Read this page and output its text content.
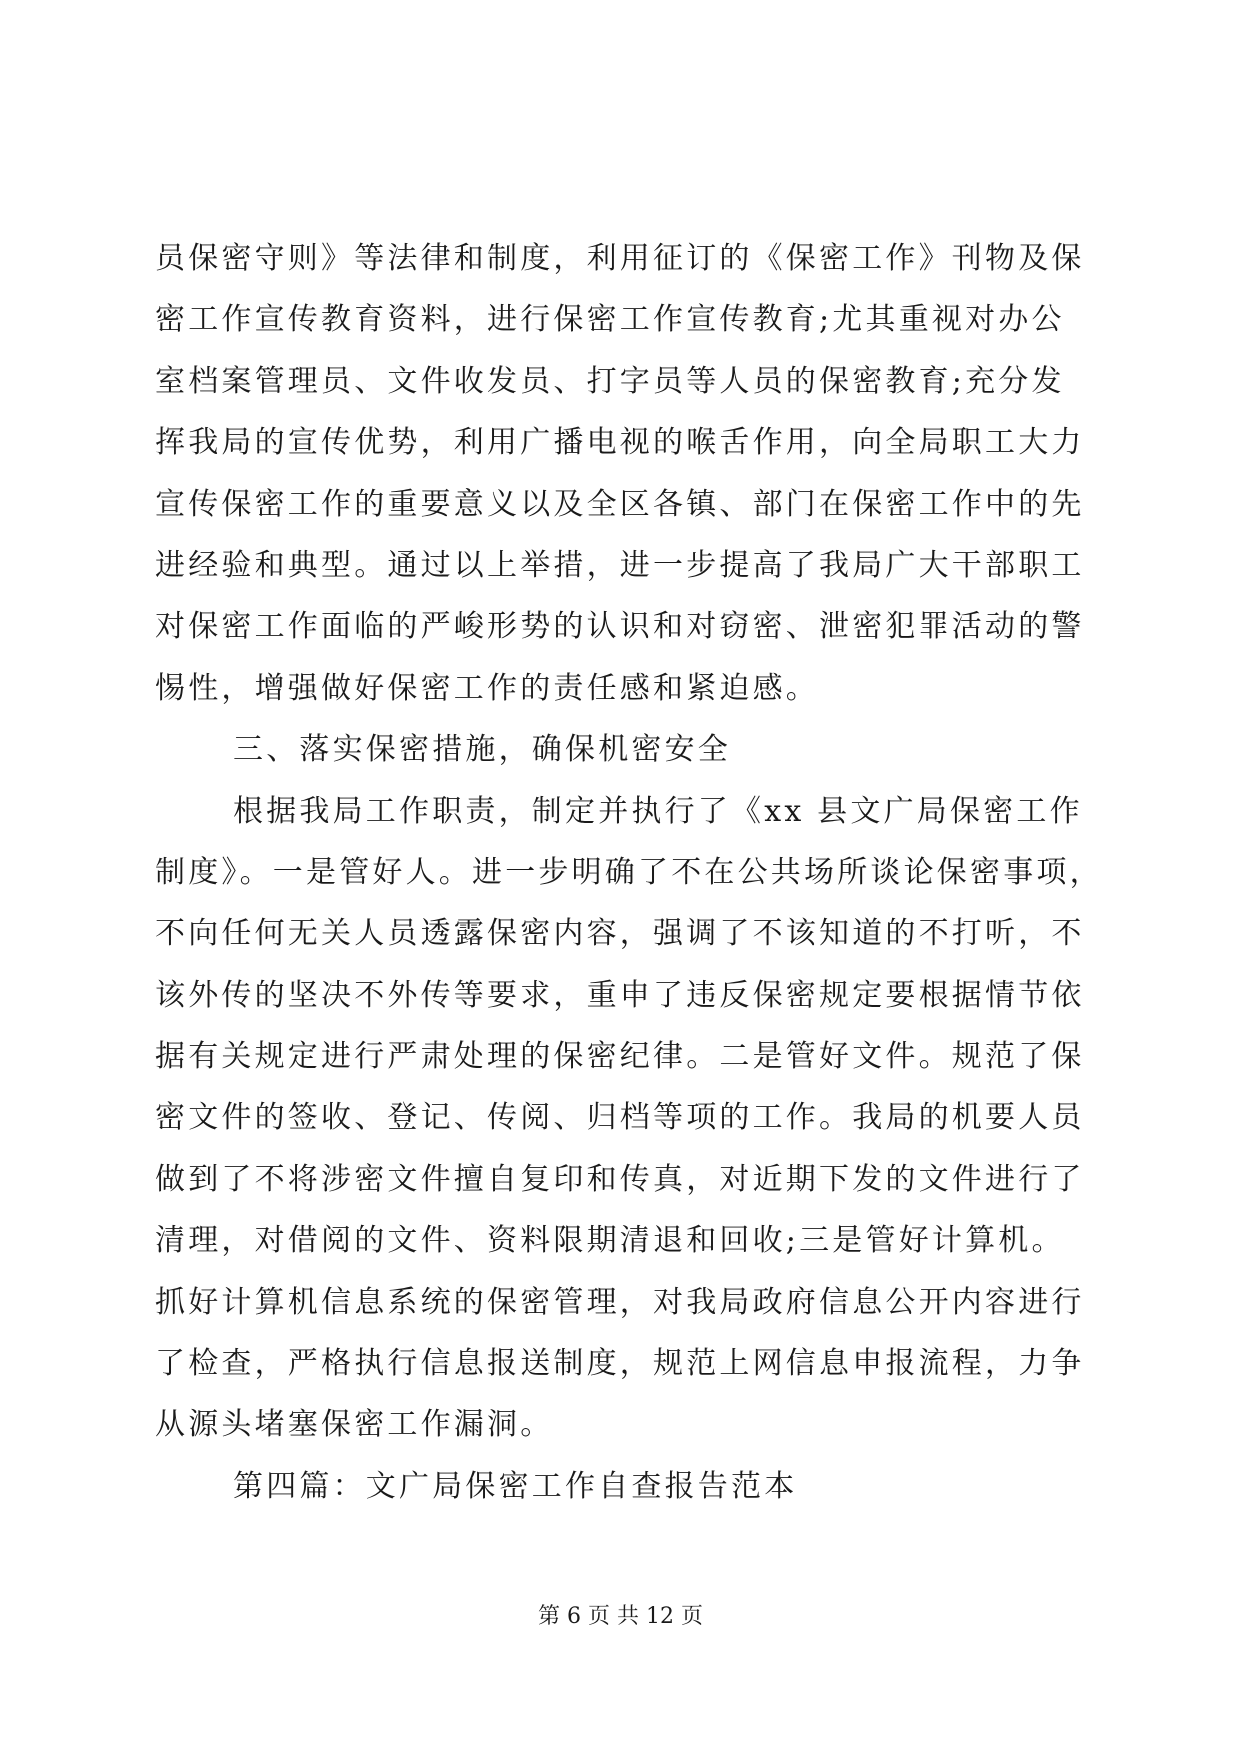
员保密守则》等法律和制度，利用征订的《保密工作》刊物及保
密工作宣传教育资料，进行保密工作宣传教育;尤其重视对办公
室档案管理员、文件收发员、打字员等人员的保密教育;充分发
挥我局的宣传优势，利用广播电视的喉舌作用，向全局职工大力
宣传保密工作的重要意义以及全区各镇、部门在保密工作中的先
进经验和典型。通过以上举措，进一步提高了我局广大干部职工
对保密工作面临的严峻形势的认识和对窃密、泄密犯罪活动的警
惕性，增强做好保密工作的责任感和紧迫感。
三、落实保密措施，确保机密安全
根据我局工作职责，制定并执行了《xx 县文广局保密工作
制度》。一是管好人。进一步明确了不在公共场所谈论保密事项，
不向任何无关人员透露保密内容，强调了不该知道的不打听，不
该外传的坚决不外传等要求，重申了违反保密规定要根据情节依
据有关规定进行严肃处理的保密纪律。二是管好文件。规范了保
密文件的签收、登记、传阅、归档等项的工作。我局的机要人员
做到了不将涉密文件擅自复印和传真，对近期下发的文件进行了
清理，对借阅的文件、资料限期清退和回收;三是管好计算机。
抓好计算机信息系统的保密管理，对我局政府信息公开内容进行
了检查，严格执行信息报送制度，规范上网信息申报流程，力争
从源头堵塞保密工作漏洞。
第四篇：文广局保密工作自查报告范本
第 6 页 共 12 页
